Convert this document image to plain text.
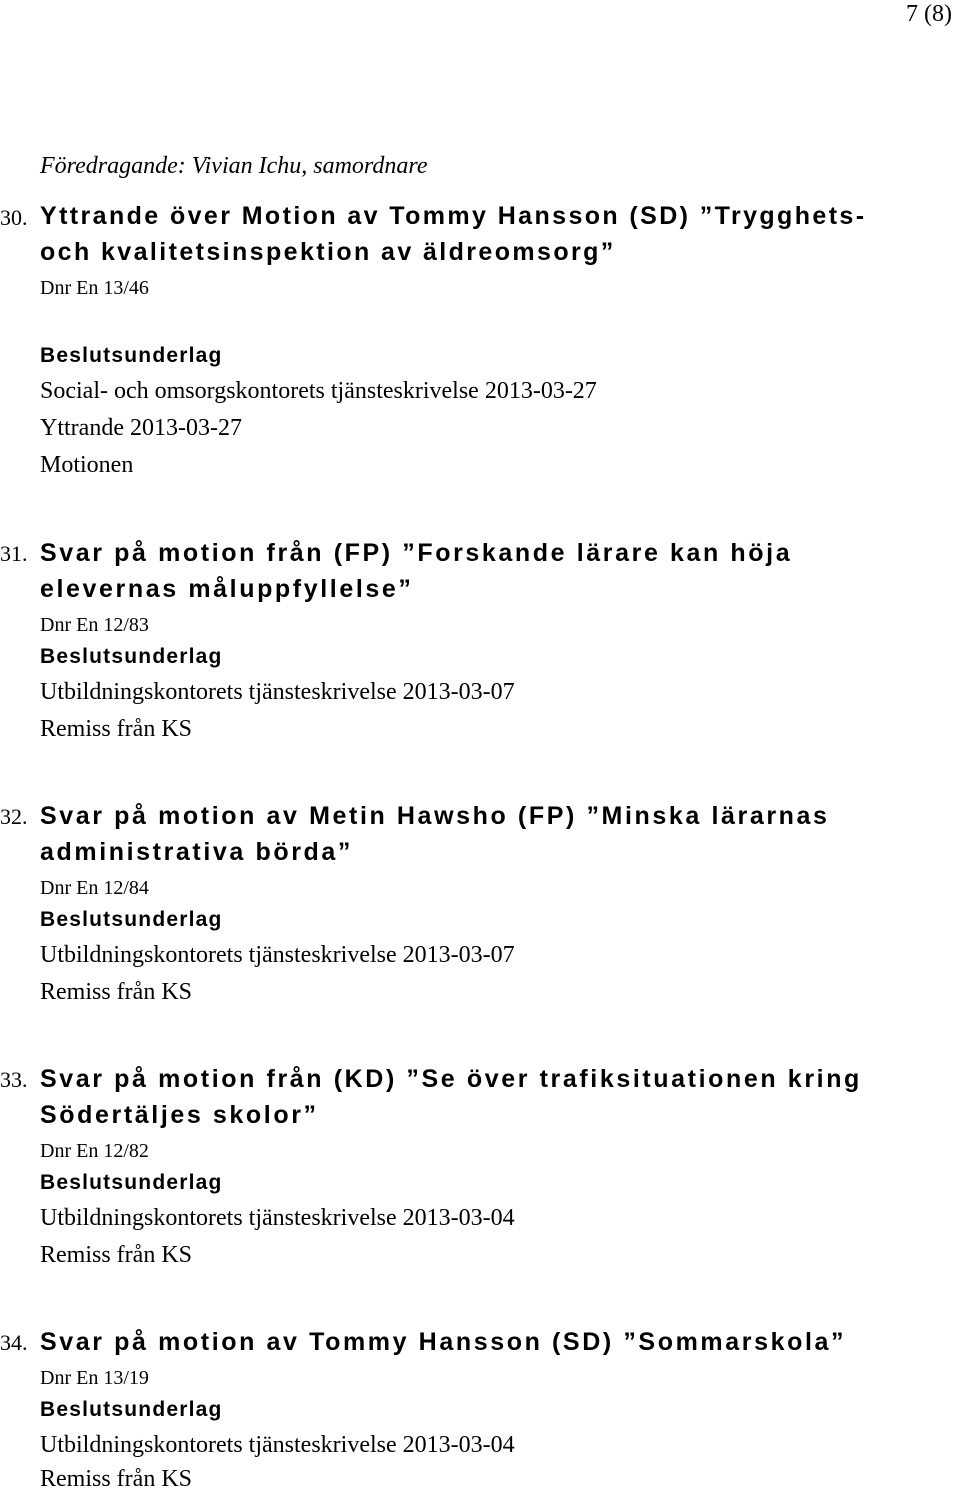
7 (8)
Föredragande: Vivian Ichu, samordnare
30. Yttrande över Motion av Tommy Hansson (SD) ”Trygghets-
och kvalitetsinspektion av äldreomsorg”
Dnr En 13/46
Beslutsunderlag
Social- och omsorgskontorets tjänsteskrivelse 2013-03-27
Yttrande 2013-03-27
Motionen
31. Svar på motion från (FP) ”Forskande lärare kan höja
elevernas måluppfyllelse”
Dnr En 12/83
Beslutsunderlag
Utbildningskontorets tjänsteskrivelse 2013-03-07
Remiss från KS
32. Svar på motion av Metin Hawsho (FP) ”Minska lärarnas
administrativa börda”
Dnr En 12/84
Beslutsunderlag
Utbildningskontorets tjänsteskrivelse 2013-03-07
Remiss från KS
33. Svar på motion från (KD) ”Se över trafiksituationen kring
Södertäljes skolor”
Dnr En 12/82
Beslutsunderlag
Utbildningskontorets tjänsteskrivelse 2013-03-04
Remiss från KS
34. Svar på motion av Tommy Hansson (SD) ”Sommarskola”
Dnr En 13/19
Beslutsunderlag
Utbildningskontorets tjänsteskrivelse 2013-03-04
Remiss från KS
